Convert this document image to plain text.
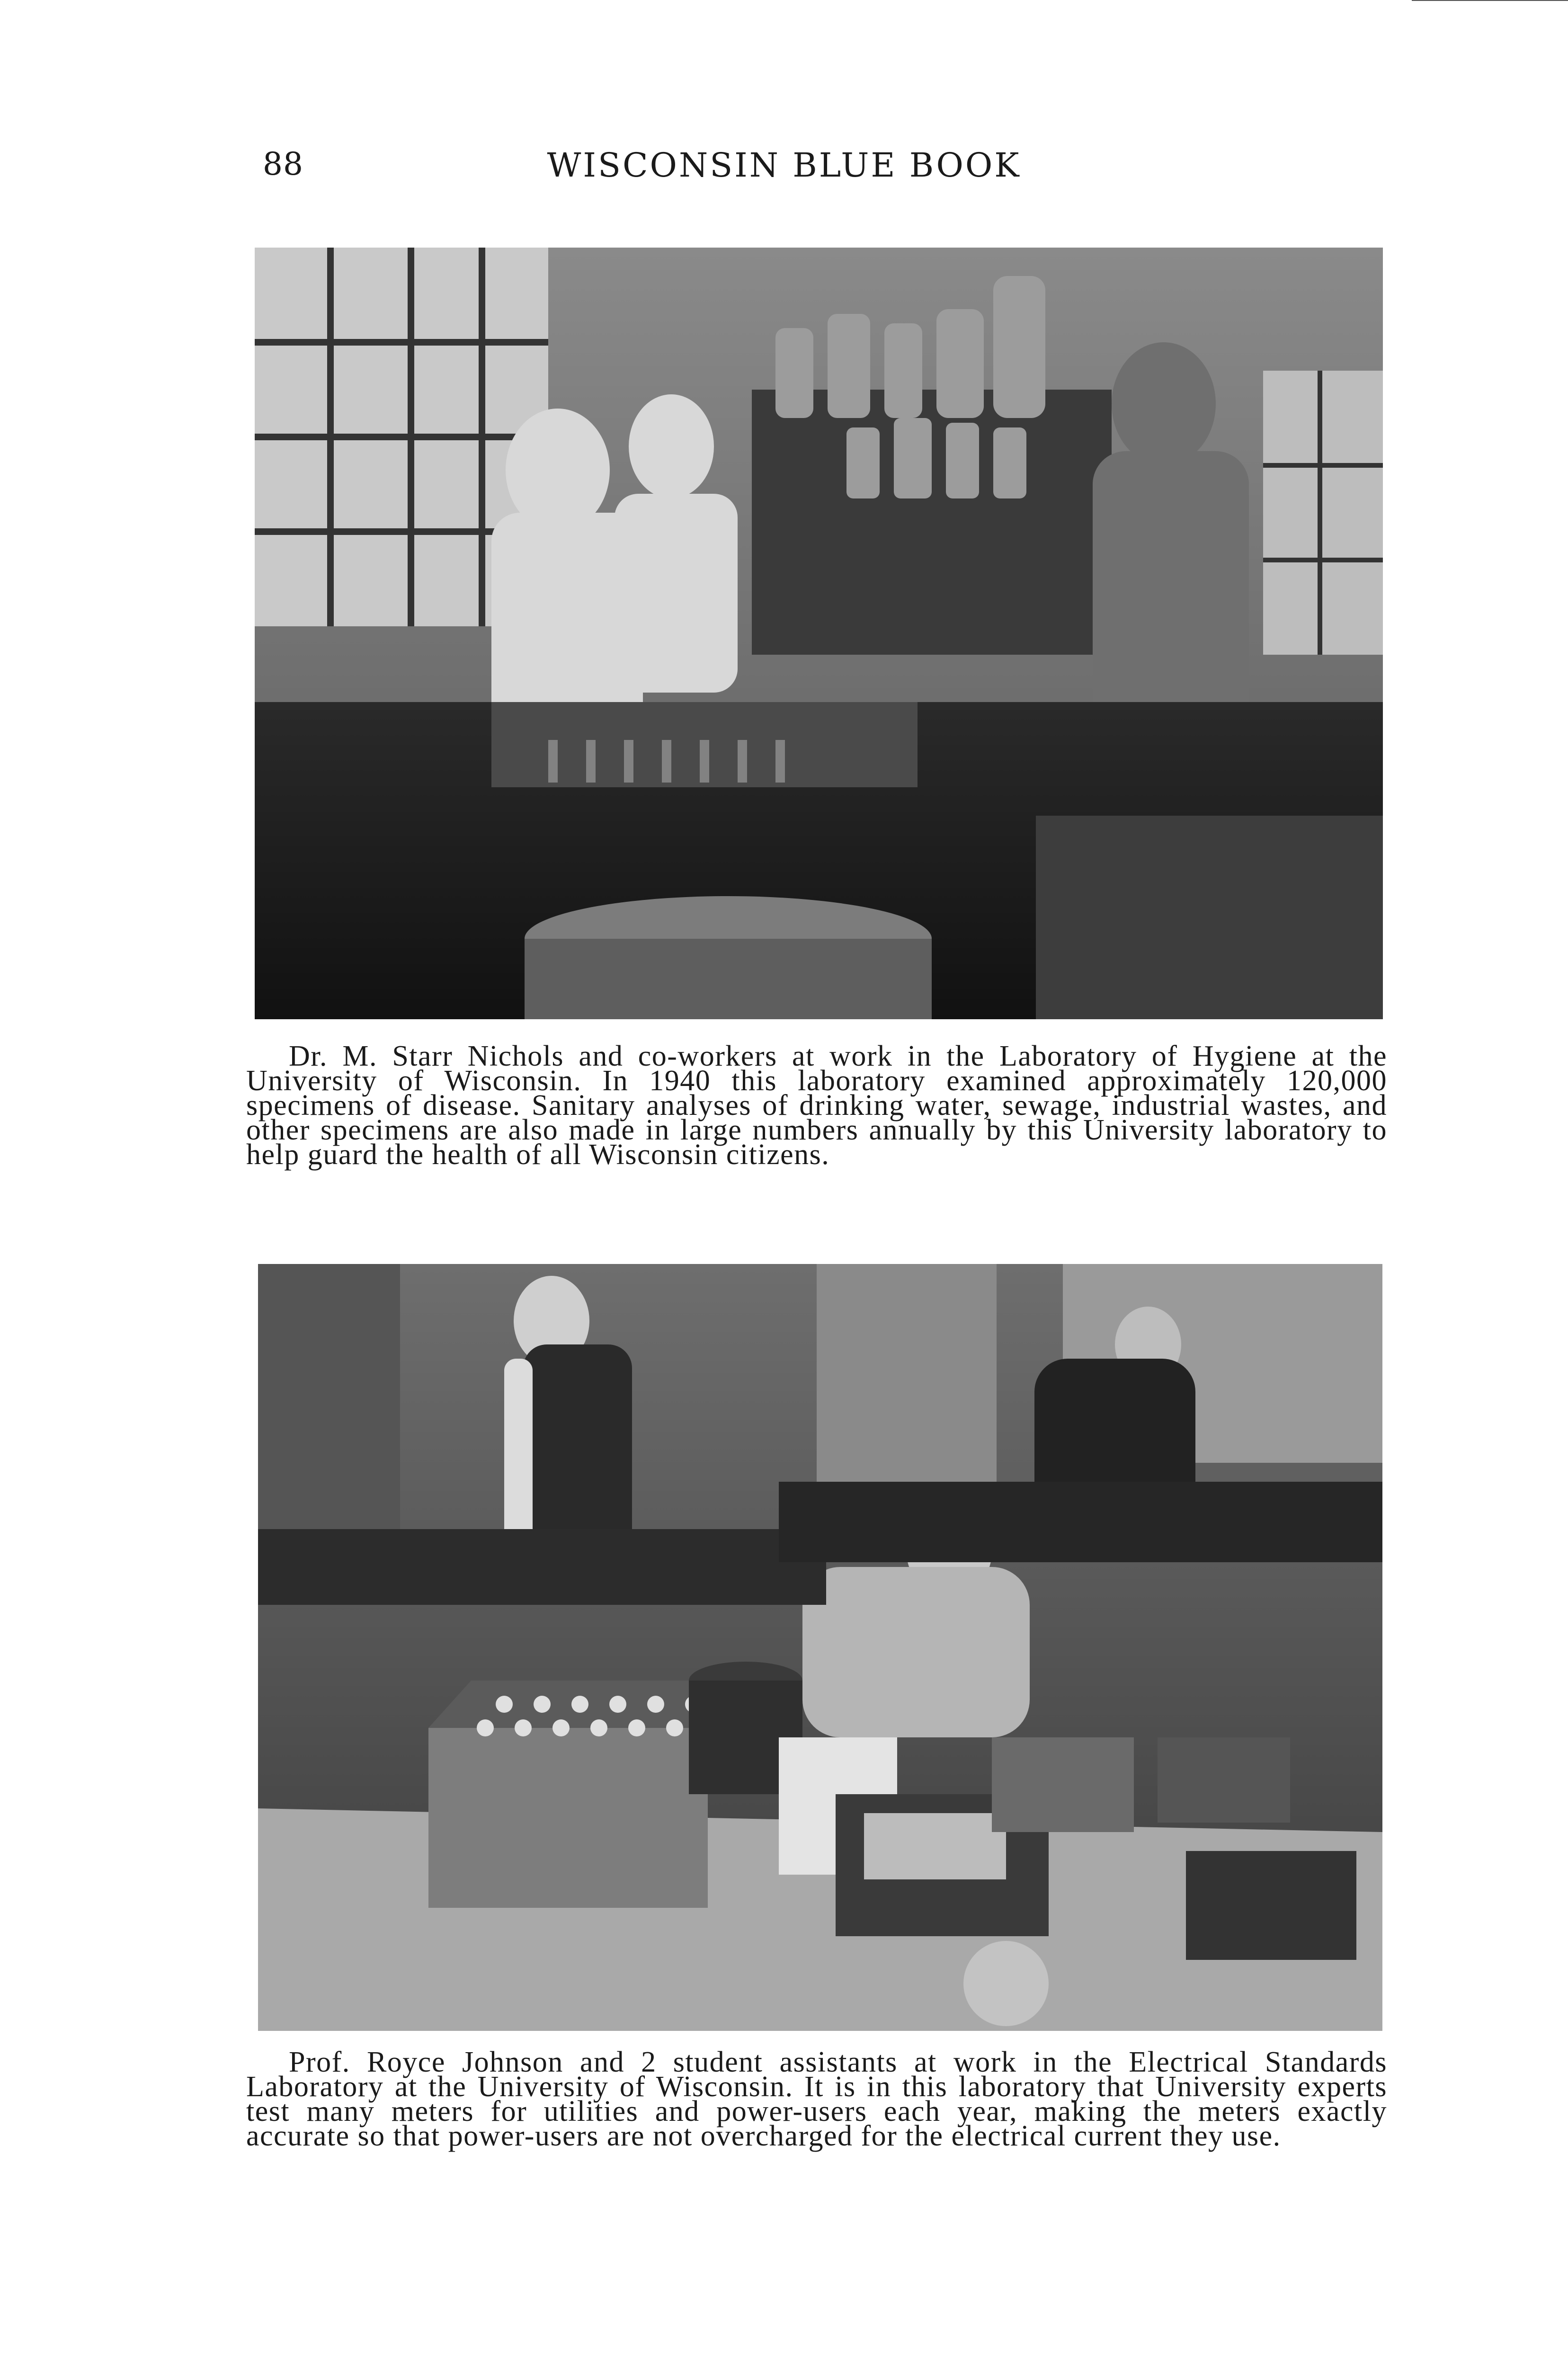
88	WISCONSIN BLUE BOOK

Dr. M. Starr Nichols and co-workers at work in the Laboratory of Hygiene at the University of Wisconsin. In 1940 this laboratory examined approximately 120,000 specimens of disease. Sanitary analyses of drinking water, sewage, industrial wastes, and other specimens are also made in large numbers annually by this University laboratory to help guard the health of all Wisconsin citizens.

Prof. Royce Johnson and 2 student assistants at work in the Electrical Standards Laboratory at the University of Wisconsin. It is in this laboratory that University experts test many meters for utilities and power-users each year, making the meters exactly accurate so that power-users are not overcharged for the electrical current they use.
